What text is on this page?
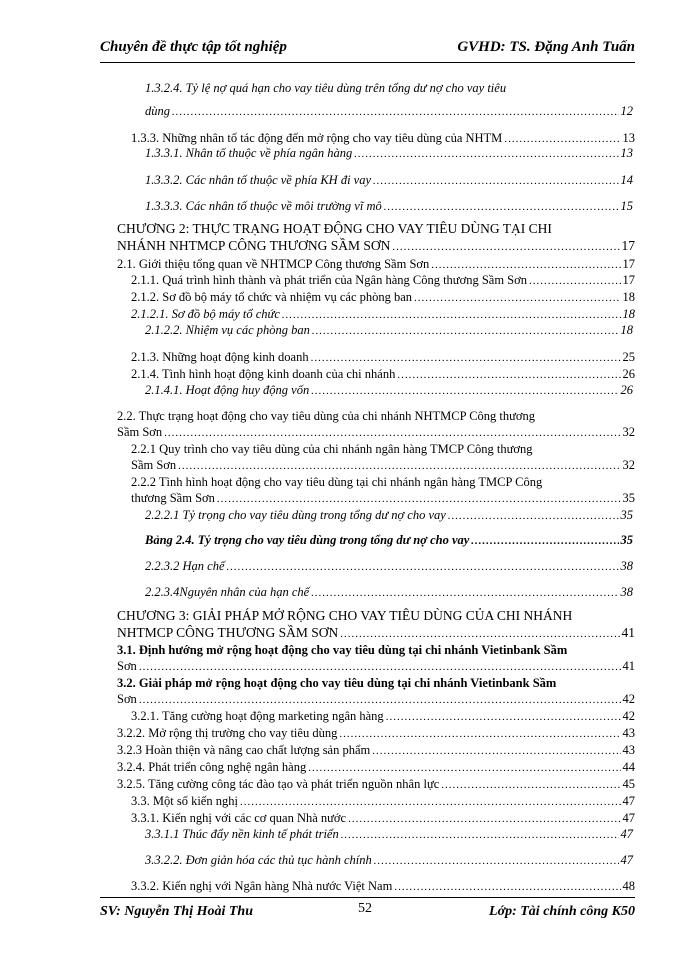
Chuyên đề thực tập tốt nghiệp	GVHD: TS. Đặng Anh Tuấn
1.3.2.4. Tỷ lệ nợ quá hạn cho vay tiêu dùng trên tổng dư nợ cho vay tiêu
dùng .....	12
1.3.3. Những nhân tố tác động đến mở rộng cho vay tiêu dùng của NHTM .....	13
1.3.3.1. Nhân tố thuộc về phía ngân hàng .....	13
1.3.3.2. Các nhân tố thuộc về phía KH đi vay .....	14
1.3.3.3. Các nhân tố thuộc về môi trường vĩ mô .....	15
CHƯƠNG 2: THỰC TRẠNG HOẠT ĐỘNG CHO VAY TIÊU DÙNG TẠI CHI
NHÁNH NHTMCP CÔNG THƯƠNG SẦM SƠN .....	17
2.1. Giới thiệu tổng quan về NHTMCP Công thương Sầm Sơn .....	17
2.1.1. Quá trình hình thành và phát triển của Ngân hàng Công thương Sầm Sơn .....	17
2.1.2. Sơ đồ bộ máy tổ chức và nhiệm vụ các phòng ban .....	18
2.1.2.1. Sơ đồ bộ máy tổ chức .....	18
2.1.2.2. Nhiệm vụ các phòng ban .....	18
2.1.3. Những hoạt động kinh doanh .....	25
2.1.4. Tình hình hoạt động kinh doanh của chi nhánh .....	26
2.1.4.1. Hoạt động huy động vốn .....	26
2.2. Thực trạng hoạt động cho vay tiêu dùng của chi nhánh NHTMCP Công thương
Sầm Sơn .....	32
2.2.1 Quy trình cho vay tiêu dùng của chi nhánh ngân hàng TMCP Công thương
Sầm Sơn .....	32
2.2.2 Tình hình hoạt động cho vay tiêu dùng tại chi nhánh ngân hàng TMCP Công
thương Sầm Sơn .....	35
2.2.2.1 Tỷ trọng cho vay tiêu dùng trong tổng dư nợ cho vay .....	35
Bảng 2.4. Tỷ trọng cho vay tiêu dùng trong tổng dư nợ cho vay .....	35
2.2.3.2 Hạn chế .....	38
2.2.3.4Nguyên nhân của hạn chế .....	38
CHƯƠNG 3: GIẢI PHÁP MỞ RỘNG CHO VAY TIÊU DÙNG CỦA CHI NHÁNH
NHTMCP CÔNG THƯƠNG SẦM SƠN .....	41
3.1. Định hướng mở rộng hoạt động cho vay tiêu dùng tại chi nhánh Vietinbank Sầm
Sơn .....	41
3.2. Giải pháp mở rộng hoạt động cho vay tiêu dùng tại chi nhánh Vietinbank Sầm
Sơn .....	42
3.2.1. Tăng cường hoạt động marketing ngân hàng .....	42
3.2.2. Mở rộng thị trường cho vay tiêu dùng .....	43
3.2.3 Hoàn thiện và nâng cao chất lượng sản phẩm .....	43
3.2.4. Phát triển công nghệ ngân hàng .....	44
3.2.5. Tăng cường công tác đào tạo và phát triển nguồn nhân lực .....	45
3.3. Một số kiến nghị .....	47
3.3.1. Kiến nghị với các cơ quan Nhà nước .....	47
3.3.1.1 Thúc đẩy nền kinh tế phát triển .....	47
3.3.2.2. Đơn giản hóa các thủ tục hành chính .....	47
3.3.2. Kiến nghị với Ngân hàng Nhà nước Việt Nam .....	48
SV: Nguyễn Thị Hoài Thu	52	Lớp: Tài chính công K50
